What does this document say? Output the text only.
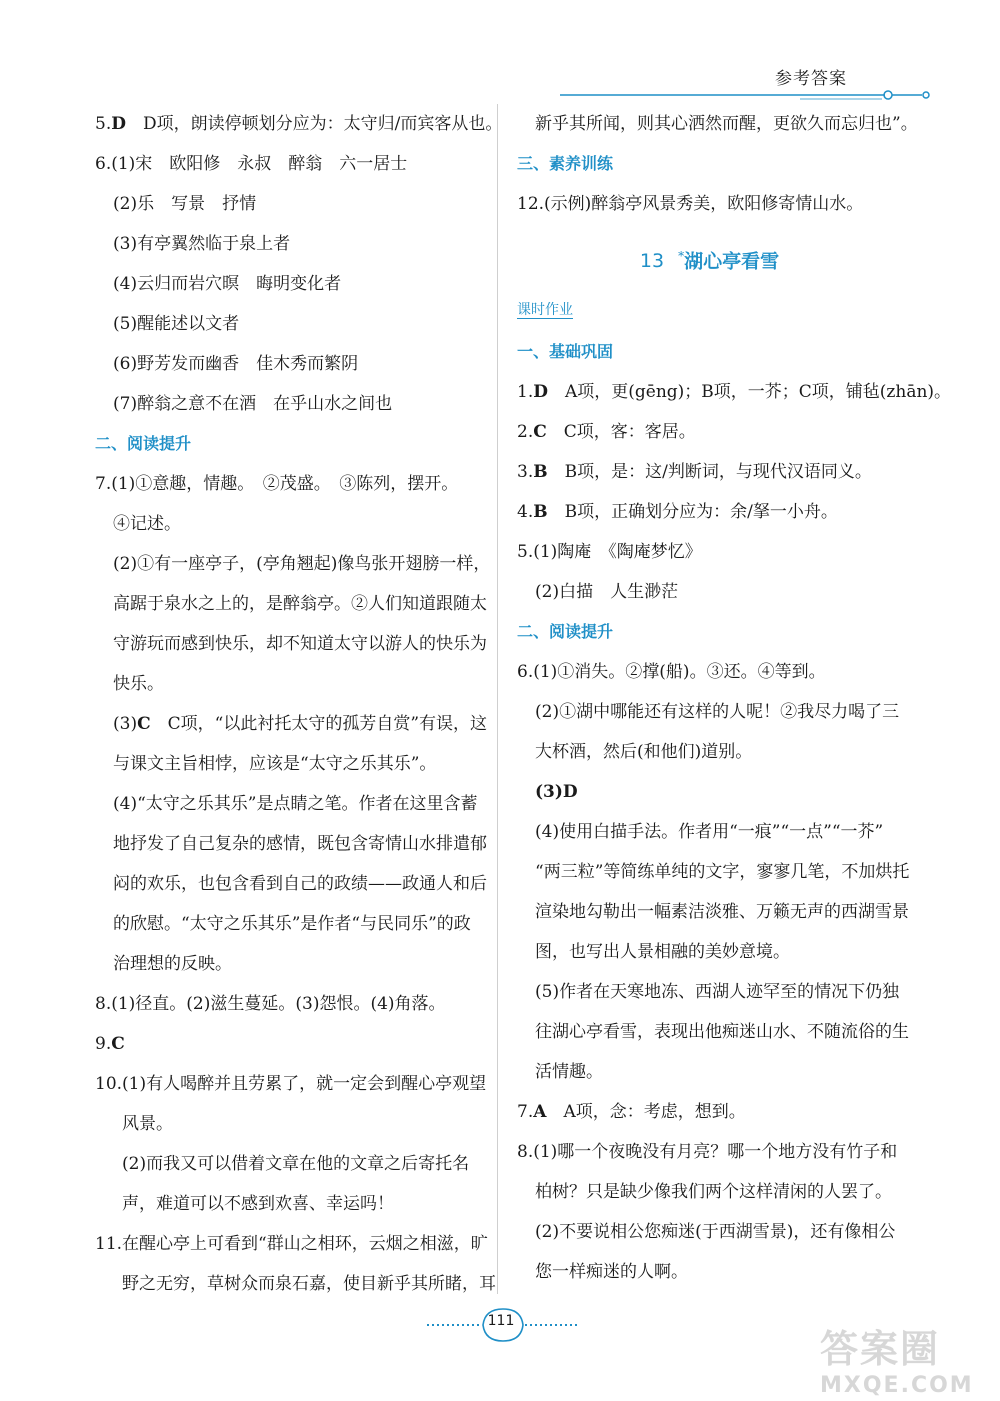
参考答案
5.D　 D项，朗读停顿划分应为：太守归/而宾客从也。
6.(1)宋　欧阳修　永叔　醉翁　六一居士
(2)乐　写景　抒情
(3)有亭翼然临于泉上者
(4)云归而岩穴暝　晦明变化者
(5)醒能述以文者
(6)野芳发而幽香　佳木秀而繁阴
(7)醉翁之意不在酒　在乎山水之间也
二、阅读提升
7.(1)①意趣，情趣。　②茂盛。　③陈列，摆开。
④记述。
(2)①有一座亭子，(亭角翘起)像鸟张开翅膀一样，
高踞于泉水之上的，是醉翁亭。②人们知道跟随太
守游玩而感到快乐，却不知道太守以游人的快乐为
快乐。
(3)C　C项，“以此衬托太守的孤芳自赏”有误，这
与课文主旨相悖，应该是“太守之乐其乐”。
(4)“太守之乐其乐”是点睛之笔。作者在这里含蓄
地抒发了自己复杂的感情，既包含寄情山水排遣郁
闷的欢乐，也包含看到自己的政绩——政通人和后
的欣慰。“太守之乐其乐”是作者“与民同乐”的政
治理想的反映。
8.(1)径直。(2)滋生蔓延。(3)怨恨。(4)角落。
9.C
10.(1)有人喝醉并且劳累了，就一定会到醒心亭观望
风景。
(2)而我又可以借着文章在他的文章之后寄托名
声，难道可以不感到欢喜、幸运吗！
11.在醒心亭上可看到“群山之相环，云烟之相滋，旷
野之无穷，草树众而泉石嘉，使目新乎其所睹，耳
新乎其所闻，则其心洒然而醒，更欲久而忘归也”。
三、素养训练
12.(示例)醉翁亭风景秀美，欧阳修寄情山水。
13 *湖心亭看雪
课时作业
一、基础巩固
1.D　 A项，更(gēng)；B项，一芥；C项，铺毡(zhān)。
2.C　 C项，客：客居。
3.B　 B项，是：这/判断词，与现代汉语同义。
4.B　 B项，正确划分应为：余/拏一小舟。
5.(1)陶庵　《陶庵梦忆》
(2)白描　人生渺茫
二、阅读提升
6.(1)①消失。②撑(船)。③还。④等到。
(2)①湖中哪能还有这样的人呢！②我尽力喝了三
大杯酒，然后(和他们)道别。
(3)D
(4)使用白描手法。作者用“一痕”“一点”“一芥”
“两三粒”等简练单纯的文字，寥寥几笔，不加烘托
渲染地勾勒出一幅素洁淡雅、万籁无声的西湖雪景
图，也写出人景相融的美妙意境。
(5)作者在天寒地冻、西湖人迹罕至的情况下仍独
往湖心亭看雪，表现出他痴迷山水、不随流俗的生
活情趣。
7.A　 A项，念：考虑，想到。
8.(1)哪一个夜晚没有月亮？哪一个地方没有竹子和
柏树？只是缺少像我们两个这样清闲的人罢了。
(2)不要说相公您痴迷(于西湖雪景)，还有像相公
您一样痴迷的人啊。
111
答案圈
MXQE.COM
